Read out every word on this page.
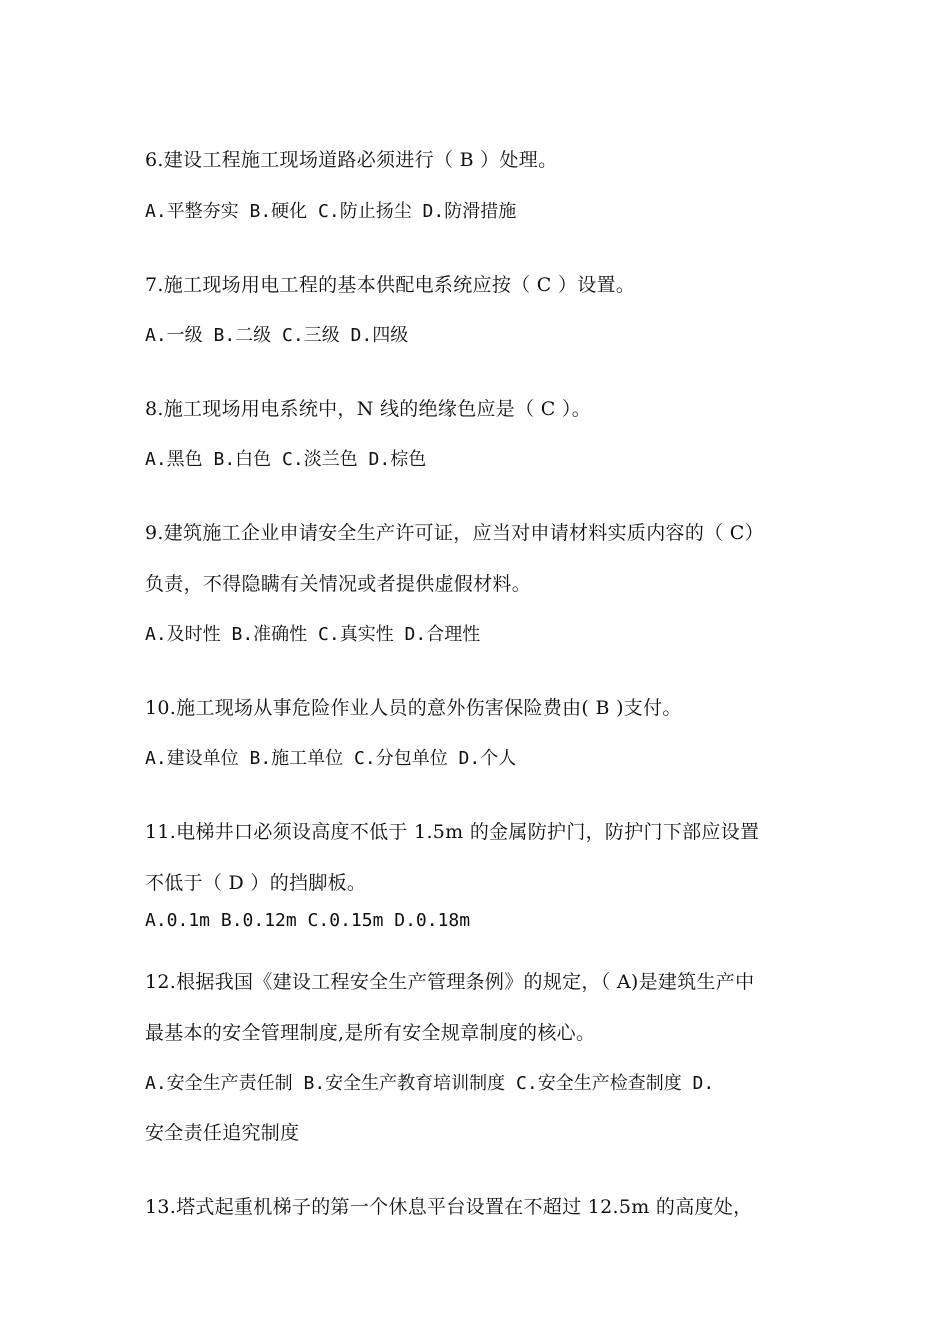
6.建设工程施工现场道路必须进行（ B ）处理。
A.平整夯实 B.硬化 C.防止扬尘 D.防滑措施
7.施工现场用电工程的基本供配电系统应按（ C ）设置。
A.一级 B.二级 C.三级 D.四级
8.施工现场用电系统中，N 线的绝缘色应是（ C ）。
A.黑色 B.白色 C.淡兰色 D.棕色
9.建筑施工企业申请安全生产许可证，应当对申请材料实质内容的（ C）
负责，不得隐瞒有关情况或者提供虚假材料。
A.及时性 B.准确性 C.真实性 D.合理性
10.施工现场从事危险作业人员的意外伤害保险费由( B )支付。
A.建设单位 B.施工单位 C.分包单位 D.个人
11.电梯井口必须设高度不低于 1.5m 的金属防护门，防护门下部应设置
不低于（ D ）的挡脚板。
A.0.1m B.0.12m C.0.15m D.0.18m
12.根据我国《建设工程安全生产管理条例》的规定，（ A)是建筑生产中
最基本的安全管理制度,是所有安全规章制度的核心。
A.安全生产责任制 B.安全生产教育培训制度 C.安全生产检查制度 D.
安全责任追究制度
13.塔式起重机梯子的第一个休息平台设置在不超过 12.5m 的高度处，
